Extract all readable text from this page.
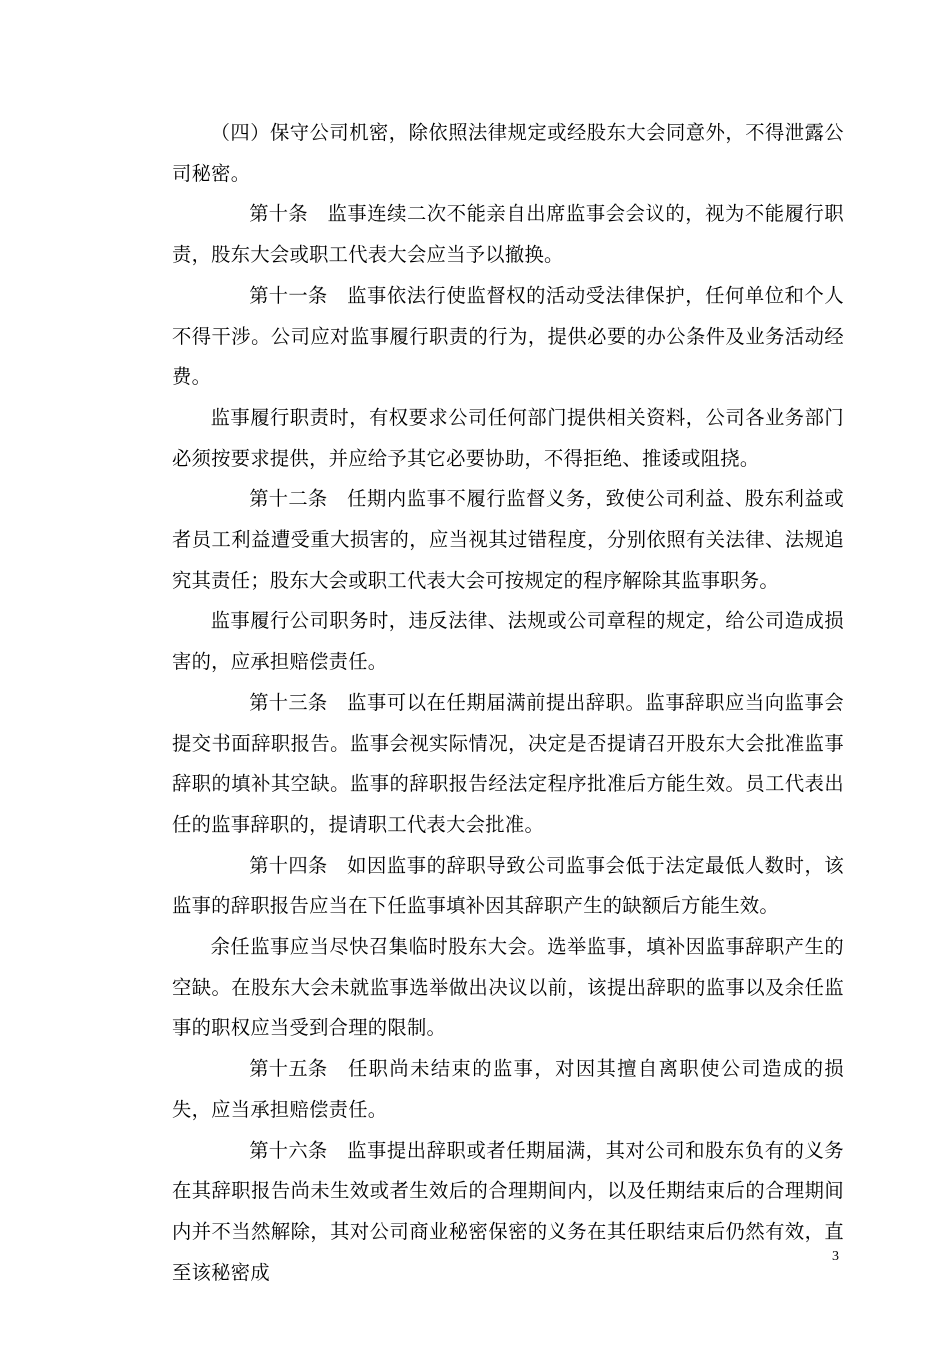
（四）保守公司机密，除依照法律规定或经股东大会同意外，不得泄露公司秘密。

第十条 监事连续二次不能亲自出席监事会会议的，视为不能履行职责，股东大会或职工代表大会应当予以撤换。

第十一条 监事依法行使监督权的活动受法律保护，任何单位和个人不得干涉。公司应对监事履行职责的行为，提供必要的办公条件及业务活动经费。

监事履行职责时，有权要求公司任何部门提供相关资料，公司各业务部门必须按要求提供，并应给予其它必要协助，不得拒绝、推诿或阻挠。

第十二条 任期内监事不履行监督义务，致使公司利益、股东利益或者员工利益遭受重大损害的，应当视其过错程度，分别依照有关法律、法规追究其责任；股东大会或职工代表大会可按规定的程序解除其监事职务。

监事履行公司职务时，违反法律、法规或公司章程的规定，给公司造成损害的，应承担赔偿责任。

第十三条 监事可以在任期届满前提出辞职。监事辞职应当向监事会提交书面辞职报告。监事会视实际情况，决定是否提请召开股东大会批准监事辞职的填补其空缺。监事的辞职报告经法定程序批准后方能生效。员工代表出任的监事辞职的，提请职工代表大会批准。

第十四条 如因监事的辞职导致公司监事会低于法定最低人数时，该监事的辞职报告应当在下任监事填补因其辞职产生的缺额后方能生效。

余任监事应当尽快召集临时股东大会。选举监事，填补因监事辞职产生的空缺。在股东大会未就监事选举做出决议以前，该提出辞职的监事以及余任监事的职权应当受到合理的限制。

第十五条 任职尚未结束的监事，对因其擅自离职使公司造成的损失，应当承担赔偿责任。

第十六条 监事提出辞职或者任期届满，其对公司和股东负有的义务在其辞职报告尚未生效或者生效后的合理期间内，以及任期结束后的合理期间内并不当然解除，其对公司商业秘密保密的义务在其任职结束后仍然有效，直至该秘密成

3
